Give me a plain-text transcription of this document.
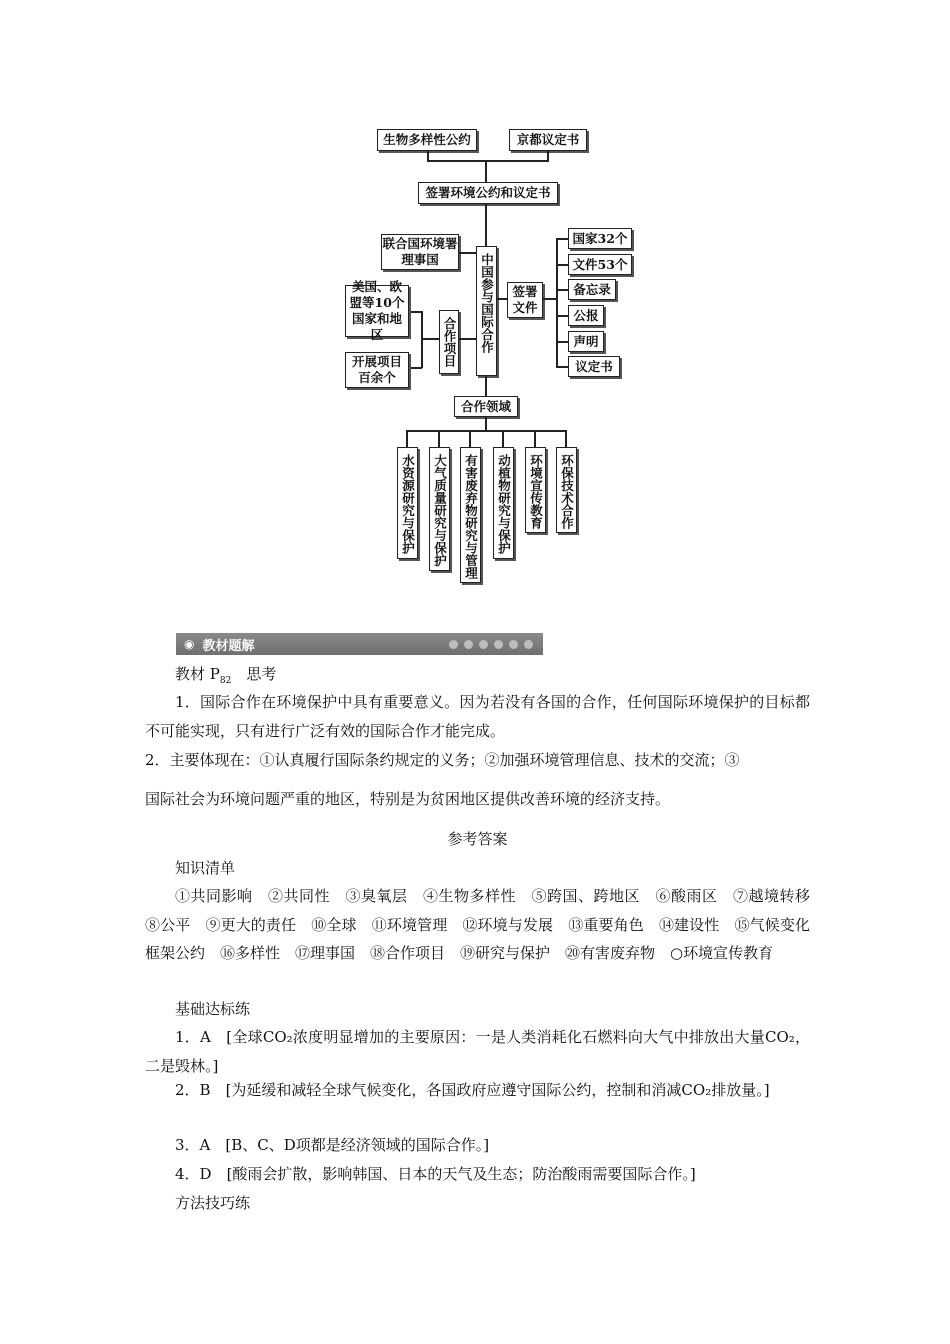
生物多样性公约	京都议定书
签署环境公约和议定书
中国参与国际合作
联合国环境署理事国
合作项目
美国、欧盟等10个国家和地区
开展项目百余个
签署文件
国家32个
文件53个
备忘录
公报
声明
议定书
合作领域
水资源研究与保护 大气质量研究与保护 有害废弃物研究与管理 动植物研究与保护 环境宣传教育 环保技术合作
◉ 教材题解
教材 $P_{82}$　思考
1．国际合作在环境保护中具有重要意义。因为若没有各国的合作，任何国际环境保护的目标都不可能实现，只有进行广泛有效的国际合作才能完成。
2．主要体现在：①认真履行国际条约规定的义务；②加强环境管理信息、技术的交流；③
国际社会为环境问题严重的地区，特别是为贫困地区提供改善环境的经济支持。
参考答案
知识清单
①共同影响　②共同性　③臭氧层　④生物多样性　⑤跨国、跨地区　⑥酸雨区　⑦越境转移　⑧公平　⑨更大的责任　⑩全球　⑪环境管理　⑫环境与发展　⑬重要角色　⑭建设性　⑮气候变化框架公约　⑯多样性　⑰理事国　⑱合作项目　⑲研究与保护　⑳有害废弃物　○环境宣传教育
基础达标练
1．A　[全球CO₂浓度明显增加的主要原因：一是人类消耗化石燃料向大气中排放出大量CO₂，二是毁林。]
2．B　[为延缓和减轻全球气候变化，各国政府应遵守国际公约，控制和消减CO₂排放量。]
3．A　[B、C、D项都是经济领域的国际合作。]
4．D　[酸雨会扩散，影响韩国、日本的天气及生态；防治酸雨需要国际合作。]
方法技巧练
